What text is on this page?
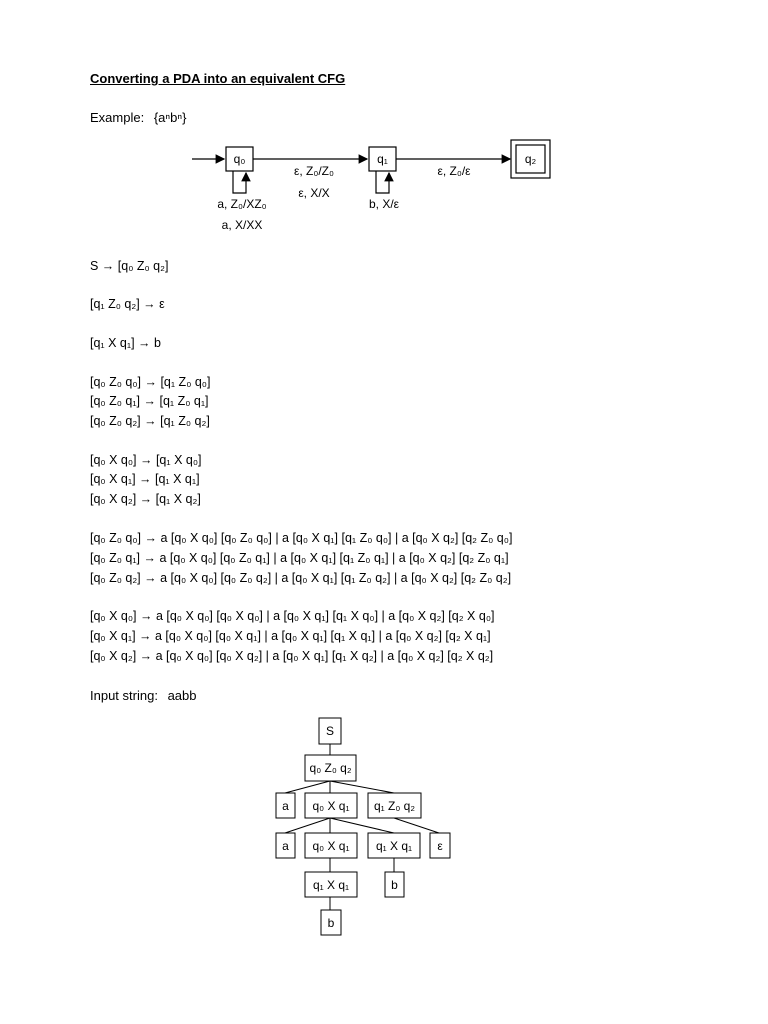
Converting a PDA into an equivalent CFG
Example: {aⁿbⁿ}
q₀	q₁	q₂
ε, Z₀/Z₀
ε, X/X
ε, Z₀/ε
a, Z₀/XZ₀
a, X/XX
b, X/ε
S → [q₀ Z₀ q₂]
[q₁ Z₀ q₂] → ε
[q₁ X q₁] → b
[q₀ Z₀ q₀] → [q₁ Z₀ q₀]
[q₀ Z₀ q₁] → [q₁ Z₀ q₁]
[q₀ Z₀ q₂] → [q₁ Z₀ q₂]
[q₀ X q₀] → [q₁ X q₀]
[q₀ X q₁] → [q₁ X q₁]
[q₀ X q₂] → [q₁ X q₂]
[q₀ Z₀ q₀] → a [q₀ X q₀] [q₀ Z₀ q₀] | a [q₀ X q₁] [q₁ Z₀ q₀] | a [q₀ X q₂] [q₂ Z₀ q₀]
[q₀ Z₀ q₁] → a [q₀ X q₀] [q₀ Z₀ q₁] | a [q₀ X q₁] [q₁ Z₀ q₁] | a [q₀ X q₂] [q₂ Z₀ q₁]
[q₀ Z₀ q₂] → a [q₀ X q₀] [q₀ Z₀ q₂] | a [q₀ X q₁] [q₁ Z₀ q₂] | a [q₀ X q₂] [q₂ Z₀ q₂]
[q₀ X q₀] → a [q₀ X q₀] [q₀ X q₀] | a [q₀ X q₁] [q₁ X q₀] | a [q₀ X q₂] [q₂ X q₀]
[q₀ X q₁] → a [q₀ X q₀] [q₀ X q₁] | a [q₀ X q₁] [q₁ X q₁] | a [q₀ X q₂] [q₂ X q₁]
[q₀ X q₂] → a [q₀ X q₀] [q₀ X q₂] | a [q₀ X q₁] [q₁ X q₂] | a [q₀ X q₂] [q₂ X q₂]
Input string: aabb
S
q₀ Z₀ q₂
a q₀ X q₁ q₁ Z₀ q₂
a q₀ X q₁ q₁ X q₁ ε
q₁ X q₁	b
b
